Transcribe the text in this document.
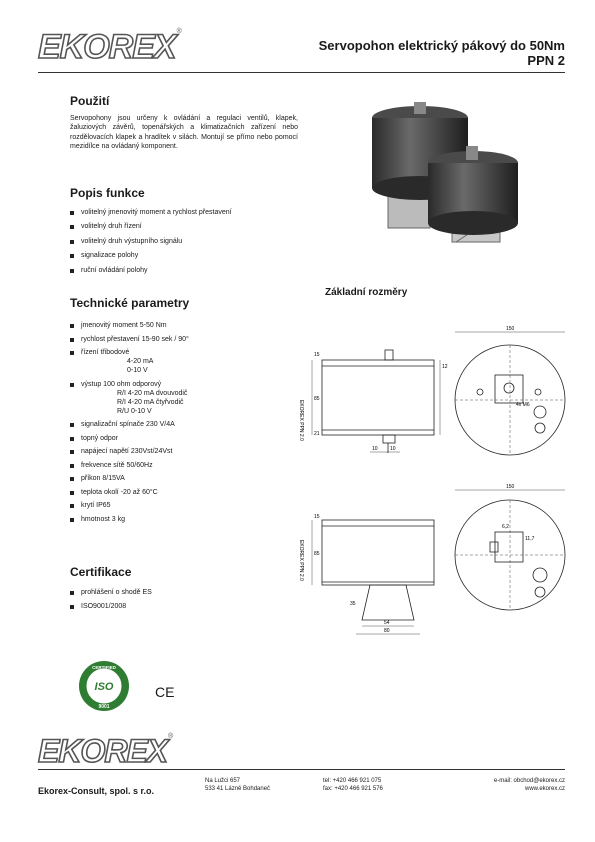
EKOREX ®
Servopohon elektrický pákový do 50Nm
PPN 2
Použití
Servopohony jsou určeny k ovládání a regulaci ventilů, klapek, žaluziových závěrů, topenářských a klimatizačních zařízení nebo rozdělovacích klapek a hradítek v silách. Montují se přímo nebo pomocí mezidílce na ovládaný komponent.
Popis funkce
volitelný jmenovitý moment a rychlost přestavení
volitelný druh řízení
volitelný druh výstupního signálu
signalizace polohy
ruční ovládání polohy
Technické parametry
jmenovitý moment 5-50 Nm
rychlost přestavení 15-90 sek / 90°
řízení třibodové
4-20 mA
0-10 V
výstup 100 ohm odporový
R/I 4-20 mA dvouvodič
R/I 4-20 mA čtyřvodič
R/U 0-10 V
signalizační spínače 230 V/4A
topný odpor
napájecí napětí 230Vst/24Vst
frekvence sítě 50/60Hz
příkon 8/15VA
teplota okolí -20 až 60°C
krytí IP65
hmotnost 3 kg
Certifikace
prohlášení o shodě ES
ISO9001/2008
Základní rozměry
EKOREX PPN 2.0
15
85
21
10 10
12
150
4x M6
EKOREX PPN 2.0
15
85
35
54
80
150
11,7
6,2
CERTIFIED
ISO
9001
CE
EKOREX ®
Ekorex-Consult, spol. s r.o.
Na Lužci 657
533 41 Lázně Bohdaneč
tel: +420 466 921 075
fax: +420 466 921 576
e-mail: obchod@ekorex.cz
www.ekorex.cz
